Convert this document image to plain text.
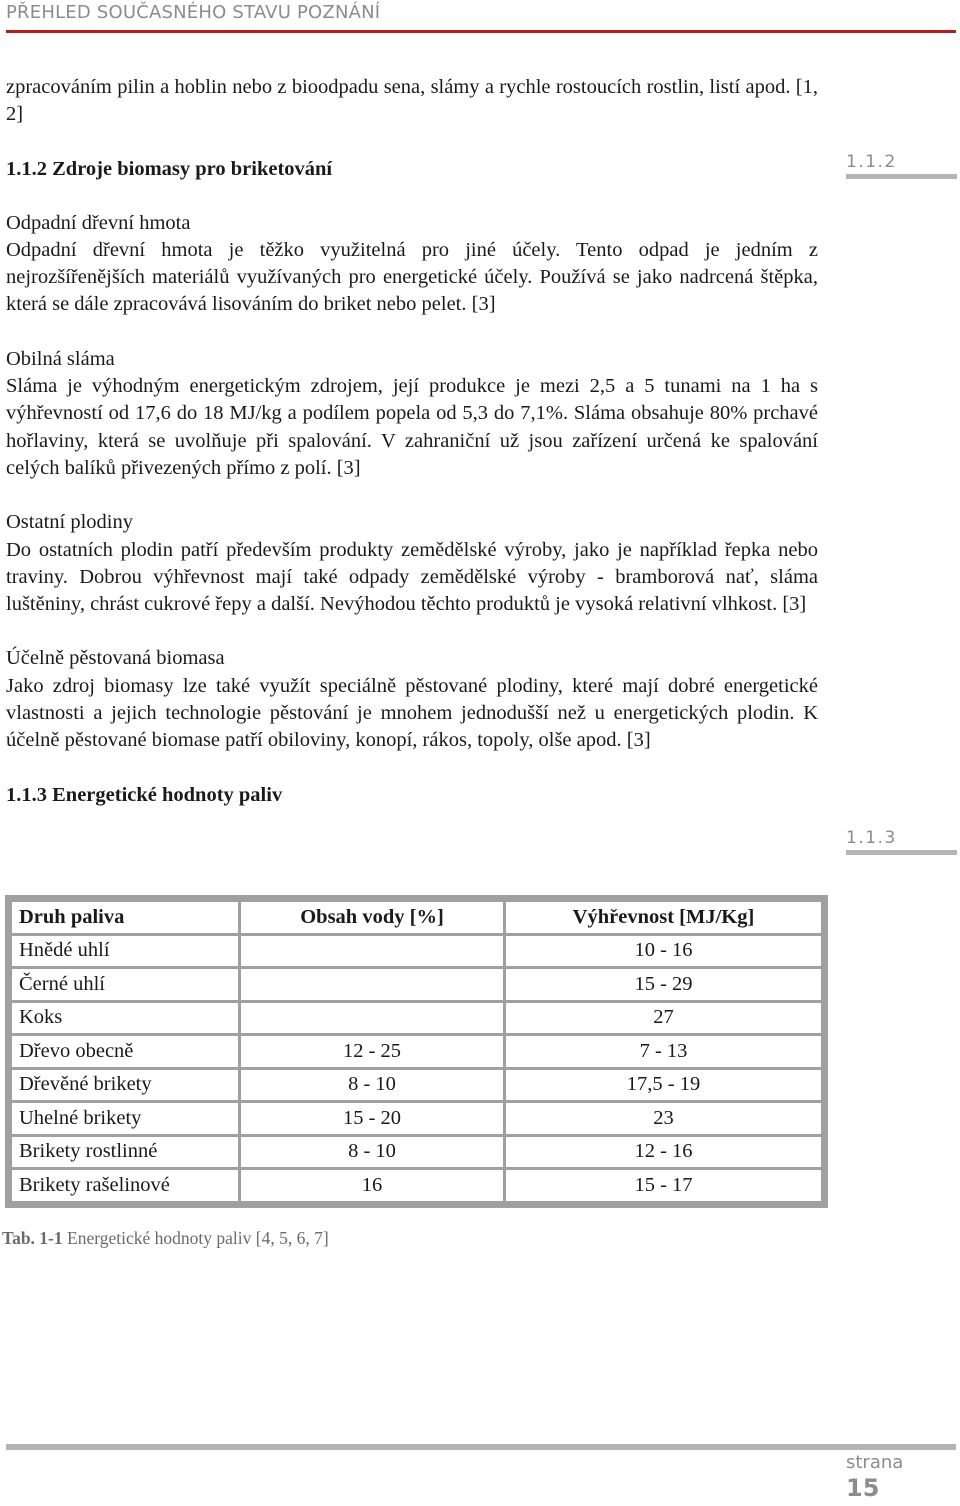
PŘEHLED SOUČASNÉHO STAVU POZNÁNÍ

zpracováním pilin a hoblin nebo z bioodpadu sena, slámy a rychle rostoucích rostlin, listí apod. [1, 2]

1.1.2 Zdroje biomasy pro briketování

Odpadní dřevní hmota

Odpadní dřevní hmota je těžko využitelná pro jiné účely. Tento odpad je jedním z nejrozšířenějších materiálů využívaných pro energetické účely. Používá se jako nadrcená štěpka, která se dále zpracovává lisováním do briket nebo pelet. [3]

Obilná sláma

Sláma je výhodným energetickým zdrojem, její produkce je mezi 2,5 a 5 tunami na 1 ha s výhřevností od 17,6 do 18 MJ/kg a podílem popela od 5,3 do 7,1%. Sláma obsahuje 80% prchavé hořlaviny, která se uvolňuje při spalování. V zahraniční už jsou zařízení určená ke spalování celých balíků přivezených přímo z polí. [3]

Ostatní plodiny

Do ostatních plodin patří především produkty zemědělské výroby, jako je například řepka nebo traviny. Dobrou výhřevnost mají také odpady zemědělské výroby - bramborová nať, sláma luštěniny, chrást cukrové řepy a další. Nevýhodou těchto produktů je vysoká relativní vlhkost. [3]

Účelně pěstovaná biomasa

Jako zdroj biomasy lze také využít speciálně pěstované plodiny, které mají dobré energetické vlastnosti a jejich technologie pěstování je mnohem jednodušší než u energetických plodin. K účelně pěstované biomase patří obiloviny, konopí, rákos, topoly, olše apod. [3]

1.1.3 Energetické hodnoty paliv

1.1.2
1.1.3
Druh paliva	Obsah vody [%]	Výhřevnost [MJ/Kg]
Hnědé uhlí		10 - 16
Černé uhlí		15 - 29
Koks		27
Dřevo obecně	12 - 25	7 - 13
Dřevěné brikety	8 - 10	17,5 - 19
Uhelné brikety	15 - 20	23
Brikety rostlinné	8 - 10	12 - 16
Brikety rašelinové	16	15 - 17
Tab. 1-1 Energetické hodnoty paliv [4, 5, 6, 7]
strana
15
